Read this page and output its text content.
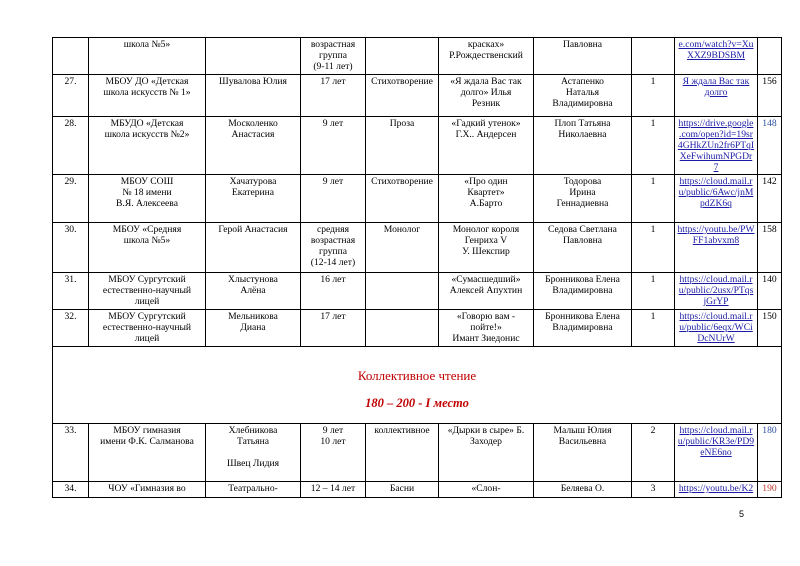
	школа №5»		возрастная
группа
(9-11 лет)		красках»
Р.Рождественский	Павловна		e.com/watch?v=Xu
XXZ9BDSBM	
27.	МБОУ ДО «Детская
школа искусств № 1»	Шувалова Юлия	17 лет	Стихотворение	«Я ждала Вас так
долго» Илья
Резник	Астапенко
Наталья
Владимировна	1	Я ждала Вас так
долго	156
28.	МБУДО «Детская
школа искусств №2»	Москоленко
Анастасия	9 лет	Проза	«Гадкий утенок»
Г.Х.. Андерсен	Плоп Татьяна
Николаевна	1	https://drive.google
.com/open?id=19sr
4GHkZUn2fr6PTqI
XeFwihumNPGDr
7	148
29.	МБОУ СОШ
№ 18 имени
В.Я. Алексеева	Хачатурова
Екатерина	9 лет	Стихотворение	«Про один
Квартет»
А.Барто	Тодорова
Ирина
Геннадиевна	1	https://cloud.mail.r
u/public/6Awc/jnM
pdZK6q	142
30.	МБОУ «Средняя
школа №5»	Герой Анастасия	средняя
возрастная
группа
(12-14 лет)	Монолог	Монолог короля
Генриха V
У. Шекспир	Седова Светлана
Павловна	1	https://youtu.be/PW
FF1abvxm8	158
31.	МБОУ Сургутский
естественно-научный
лицей	Хлыстунова
Алёна	16 лет		«Сумасшедший»
Алексей Апухтин	Бронникова Елена
Владимировна	1	https://cloud.mail.r
u/public/2usx/PTqs
jGrYP	140
32.	МБОУ Сургутский
естественно-научный
лицей	Мельникова
Диана	17 лет		«Говорю вам -
пойте!»
Имант Зиедонис	Бронникова Елена
Владимировна	1	https://cloud.mail.r
u/public/6eqx/WCi
DcNUrW	150

Коллективное чтение

180 – 200 - I место									

33.	МБОУ гимназия
имени Ф.К. Салманова	Хлебникова
Татьяна

Швец Лидия	9 лет
10 лет	коллективное	«Дырки в сыре» Б.
Заходер	Малыш Юлия
Васильевна	2	https://cloud.mail.r
u/public/KR3e/PD9
eNE6no	180
34.	ЧОУ «Гимназия во	Театрально-	12 – 14 лет	Басни	«Слон-	Беляева О.	3	https://youtu.be/K2	190
5
